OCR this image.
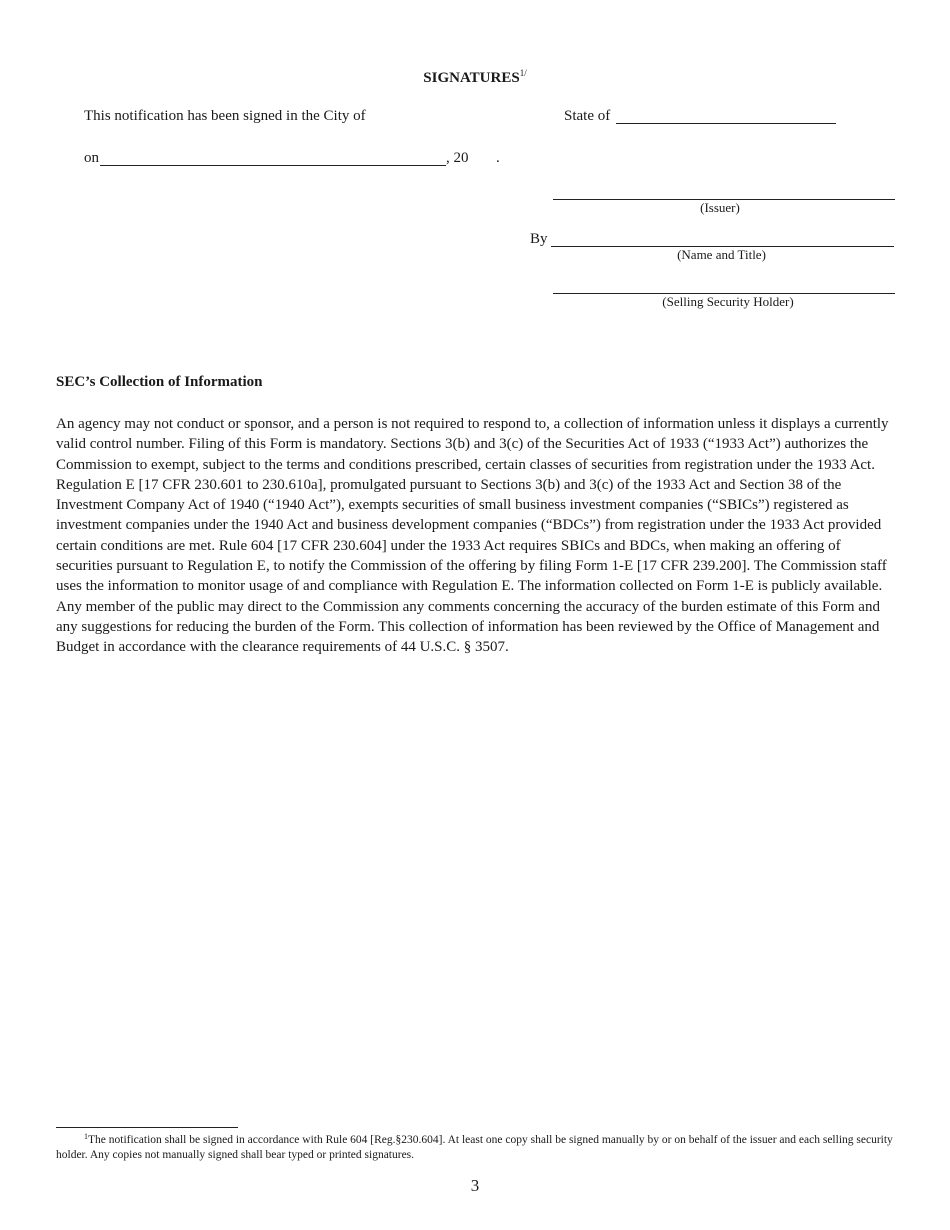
$SIGNATURES^{1/}$
This notification has been signed in the City of	State of
on	, 20 .
(Issuer)
By
(Name and Title)
(Selling Security Holder)
SEC’s Collection of Information
An agency may not conduct or sponsor, and a person is not required to respond to, a collection of information unless it displays a currently valid control number. Filing of this Form is mandatory. Sections 3(b) and 3(c) of the Securities Act of 1933 (“1933 Act”) authorizes the Commission to exempt, subject to the terms and conditions prescribed, certain classes of securities from registration under the 1933 Act. Regulation E [17 CFR 230.601 to 230.610a], promulgated pursuant to Sections 3(b) and 3(c) of the 1933 Act and Section 38 of the Investment Company Act of 1940 (“1940 Act”), exempts securities of small business investment companies (“SBICs”) registered as investment companies under the 1940 Act and business development companies (“BDCs”) from registration under the 1933 Act provided certain conditions are met. Rule 604 [17 CFR 230.604] under the 1933 Act requires SBICs and BDCs, when making an offering of securities pursuant to Regulation E, to notify the Commission of the offering by filing Form 1-E [17 CFR 239.200]. The Commission staff uses the information to monitor usage of and compliance with Regulation E. The information collected on Form 1-E is publicly available. Any member of the public may direct to the Commission any comments concerning the accuracy of the burden estimate of this Form and any suggestions for reducing the burden of the Form. This collection of information has been reviewed by the Office of Management and Budget in accordance with the clearance requirements of 44 U.S.C. § 3507.
$^1$The notification shall be signed in accordance with Rule 604 [Reg.§230.604]. At least one copy shall be signed manually by or on behalf of the issuer and each selling security holder. Any copies not manually signed shall bear typed or printed signatures.
3
